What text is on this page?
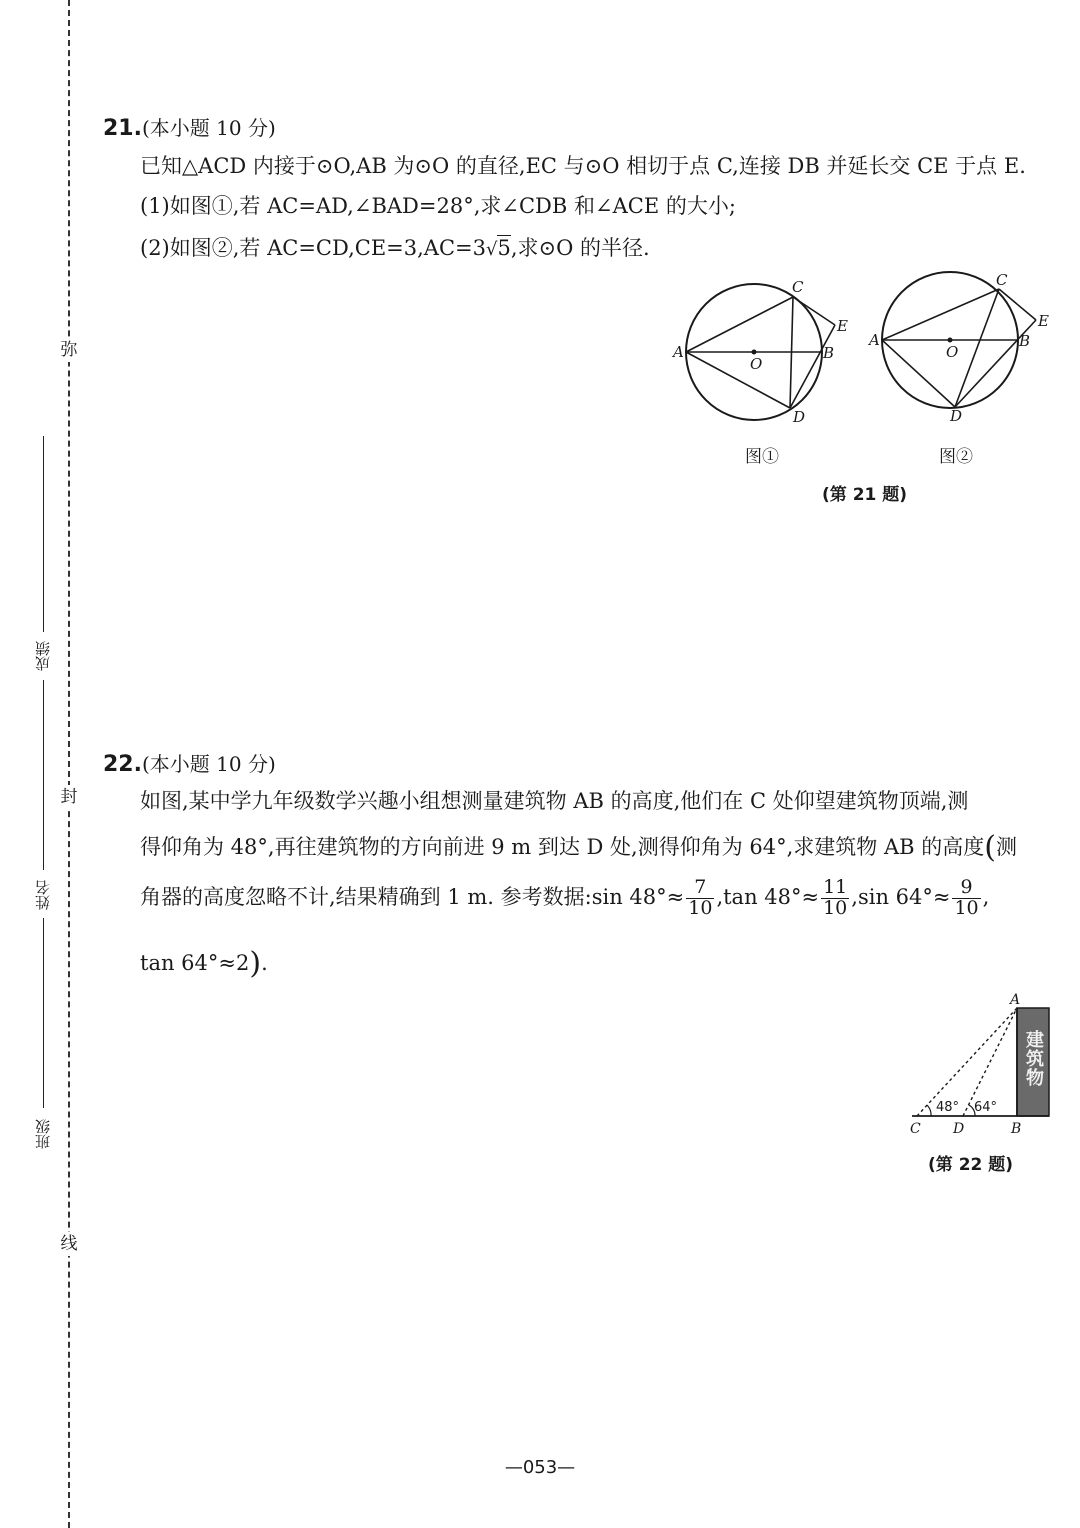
弥
封
线
成绩
姓名
班级
21.(本小题 10 分)
已知△ACD 内接于⊙O,AB 为⊙O 的直径,EC 与⊙O 相切于点 C,连接 DB 并延长交 CE 于点 E.
(1)如图①,若 AC=AD,∠BAD=28°,求∠CDB 和∠ACE 的大小;
(2)如图②,若 AC=CD,CE=3,AC=3√5,求⊙O 的半径.
A	B
C
D
E
O
A	B
C
D
E
O
图①	图②
(第 21 题)
22.(本小题 10 分)
如图,某中学九年级数学兴趣小组想测量建筑物 AB 的高度,他们在 C 处仰望建筑物顶端,测
得仰角为 48°,再往建筑物的方向前进 9 m 到达 D 处,测得仰角为 64°,求建筑物 AB 的高度(测
角器的高度忽略不计,结果精确到 1 m. 参考数据:sin $48^\circ\approx \frac{7}{10} ,\tan$ $48^\circ\approx \frac{11}{10} ,\sin$ $64^\circ\approx \frac{9}{10}$ ,
tan 64°≈2).
48° 64°
A
B
C D
建筑物
(第 22 题)
—053—
